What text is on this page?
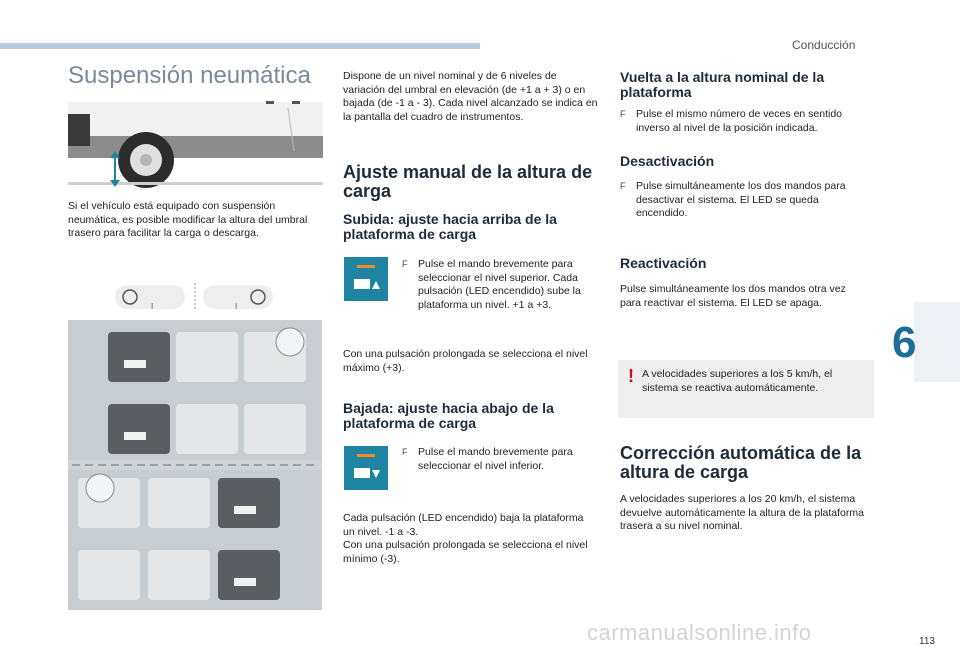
Conducción
Suspensión neumática
Si el vehículo está equipado con suspensión neumática, es posible modificar la altura del umbral trasero para facilitar la carga o descarga.
I	I
Dispone de un nivel nominal y de 6 niveles de variación del umbral en elevación (de +1 a + 3) o en bajada (de -1 a - 3). Cada nivel alcanzado se indica en la pantalla del cuadro de instrumentos.
Ajuste manual de la altura de carga
Subida: ajuste hacia arriba de la plataforma de carga
F	Pulse el mando brevemente para seleccionar el nivel superior. Cada pulsación (LED encendido) sube la plataforma un nivel. +1 a +3.
Con una pulsación prolongada se selecciona el nivel máximo (+3).
Bajada: ajuste hacia abajo de la plataforma de carga
F	Pulse el mando brevemente para seleccionar el nivel inferior.
Cada pulsación (LED encendido) baja la plataforma un nivel. -1 a -3.
Con una pulsación prolongada se selecciona el nivel mínimo (-3).
Vuelta a la altura nominal de la plataforma
F	Pulse el mismo número de veces en sentido inverso al nivel de la posición indicada.
Desactivación
F	Pulse simultáneamente los dos mandos para desactivar el sistema. El LED se queda encendido.
Reactivación
Pulse simultáneamente los dos mandos otra vez para reactivar el sistema. El LED se apaga.
! A velocidades superiores a los 5 km/h, el sistema se reactiva automáticamente.
Corrección automática de la altura de carga
A velocidades superiores a los 20 km/h, el sistema devuelve automáticamente la altura de la plataforma trasera a su nivel nominal.
6
113
carmanualsonline.info
